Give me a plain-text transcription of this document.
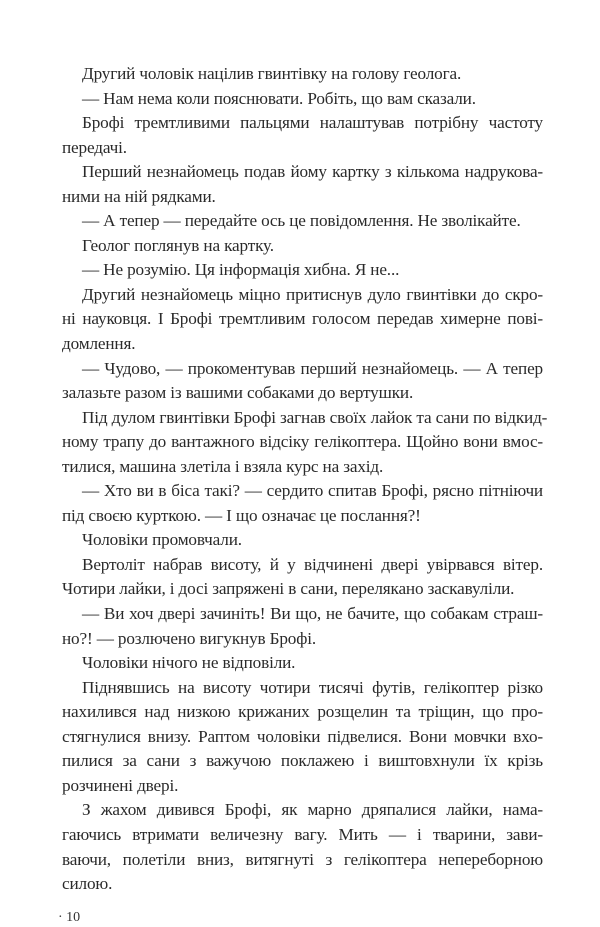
Другий чоловік націлив гвинтівку на голову геолога.
— Нам нема коли пояснювати. Робіть, що вам сказали.
Брофі тремтливими пальцями налаштував потрібну частоту
передачі.
Перший незнайомець подав йому картку з кількома надрукова-
ними на ній рядками.
— А тепер — передайте ось це повідомлення. Не зволікайте.
Геолог поглянув на картку.
— Не розумію. Ця інформація хибна. Я не...
Другий незнайомець міцно притиснув дуло гвинтівки до скро-
ні науковця. І Брофі тремтливим голосом передав химерне пові-
домлення.
— Чудово, — прокоментував перший незнайомець. — А тепер
залазьте разом із вашими собаками до вертушки.
Під дулом гвинтівки Брофі загнав своїх лайок та сани по відкид-
ному трапу до вантажного відсіку гелікоптера. Щойно вони вмос-
тилися, машина злетіла і взяла курс на захід.
— Хто ви в біса такі? — сердито спитав Брофі, рясно пітніючи
під своєю курткою. — І що означає це послання?!
Чоловіки промовчали.
Вертоліт набрав висоту, й у відчинені двері увірвався вітер.
Чотири лайки, і досі запряжені в сани, перелякано заскавуліли.
— Ви хоч двері зачиніть! Ви що, не бачите, що собакам страш-
но?! — розлючено вигукнув Брофі.
Чоловіки нічого не відповіли.
Піднявшись на висоту чотири тисячі футів, гелікоптер різко
нахилився над низкою крижаних розщелин та тріщин, що про-
стягнулися внизу. Раптом чоловіки підвелися. Вони мовчки вхо-
пилися за сани з важучою поклажею і виштовхнули їх крізь
розчинені двері.
З жахом дивився Брофі, як марно дряпалися лайки, нама-
гаючись втримати величезну вагу. Мить — і тварини, зави-
ваючи, полетіли вниз, витягнуті з гелікоптера непереборною
силою.
· 10
